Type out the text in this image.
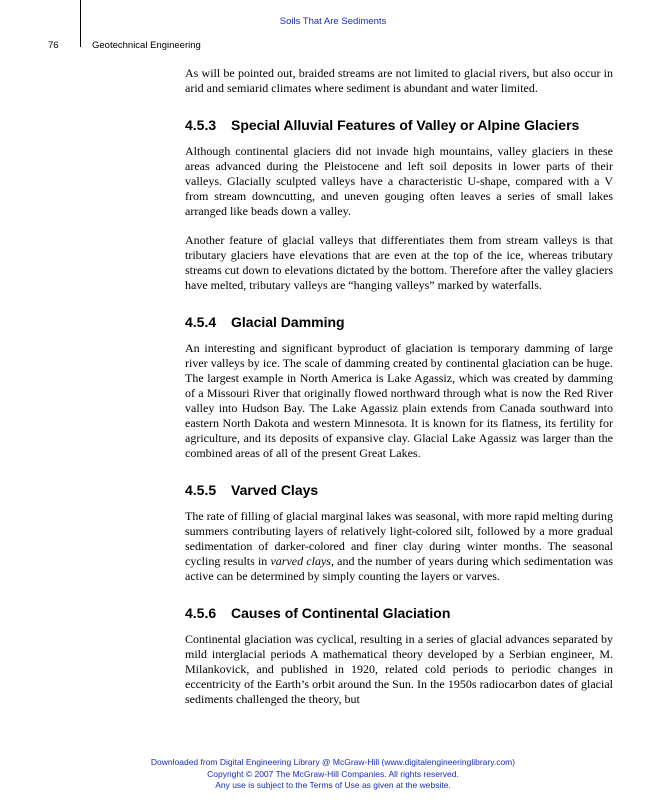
Soils That Are Sediments
76	Geotechnical Engineering

As will be pointed out, braided streams are not limited to glacial rivers, but also occur in arid and semiarid climates where sediment is abundant and water limited.

4.5.3 Special Alluvial Features of Valley or Alpine Glaciers

Although continental glaciers did not invade high mountains, valley glaciers in these areas advanced during the Pleistocene and left soil deposits in lower parts of their valleys. Glacially sculpted valleys have a characteristic U-shape, compared with a V from stream downcutting, and uneven gouging often leaves a series of small lakes arranged like beads down a valley.

Another feature of glacial valleys that differentiates them from stream valleys is that tributary glaciers have elevations that are even at the top of the ice, whereas tributary streams cut down to elevations dictated by the bottom. Therefore after the valley glaciers have melted, tributary valleys are “hanging valleys” marked by waterfalls.

4.5.4 Glacial Damming

An interesting and significant byproduct of glaciation is temporary damming of large river valleys by ice. The scale of damming created by continental glaciation can be huge. The largest example in North America is Lake Agassiz, which was created by damming of a Missouri River that originally flowed northward through what is now the Red River valley into Hudson Bay. The Lake Agassiz plain extends from Canada southward into eastern North Dakota and western Minnesota. It is known for its flatness, its fertility for agriculture, and its deposits of expansive clay. Glacial Lake Agassiz was larger than the combined areas of all of the present Great Lakes.

4.5.5 Varved Clays

The rate of filling of glacial marginal lakes was seasonal, with more rapid melting during summers contributing layers of relatively light-colored silt, followed by a more gradual sedimentation of darker-colored and finer clay during winter months. The seasonal cycling results in varved clays, and the number of years during which sedimentation was active can be determined by simply counting the layers or varves.

4.5.6 Causes of Continental Glaciation

Continental glaciation was cyclical, resulting in a series of glacial advances separated by mild interglacial periods A mathematical theory developed by a Serbian engineer, M. Milankovick, and published in 1920, related cold periods to periodic changes in eccentricity of the Earth’s orbit around the Sun. In the 1950s radiocarbon dates of glacial sediments challenged the theory, but

Downloaded from Digital Engineering Library @ McGraw-Hill (www.digitalengineeringlibrary.com)
Copyright © 2007 The McGraw-Hill Companies. All rights reserved.
Any use is subject to the Terms of Use as given at the website.
